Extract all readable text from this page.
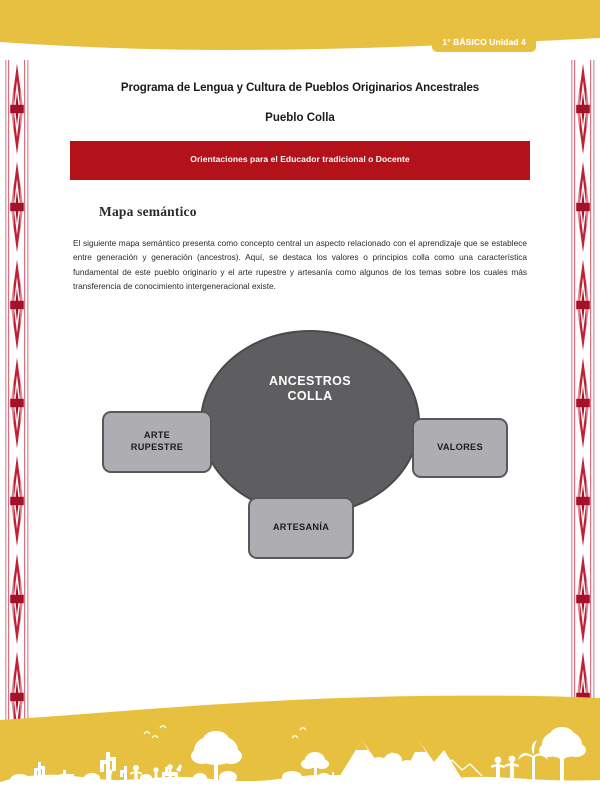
1° BÁSICO Unidad 4
Programa de Lengua y Cultura de Pueblos Originarios Ancestrales
Pueblo Colla
Orientaciones para el Educador tradicional o Docente
Mapa semántico
El siguiente mapa semántico presenta como concepto central un aspecto relacionado con el aprendizaje que se establece entre generación y generación (ancestros). Aquí, se destaca los valores o principios colla como una característica fundamental de este pueblo originario y el arte rupestre y artesanía como algunos de los temas sobre los cuales más transferencia de conocimiento intergeneracional existe.
ANCESTROS
COLLA
ARTE
RUPESTRE	VALORES
ARTESANÍA
